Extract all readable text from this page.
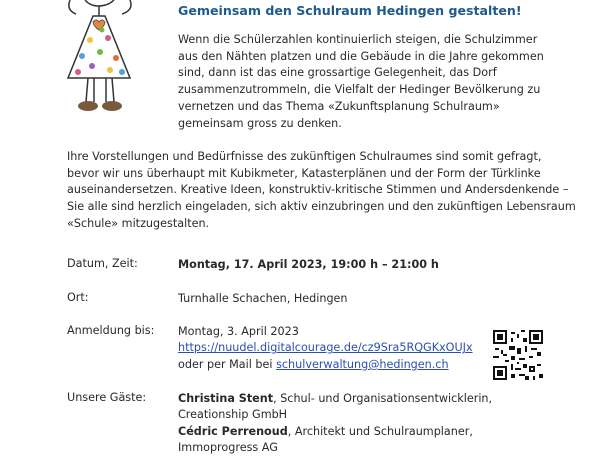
Gemeinsam den Schulraum Hedingen gestalten!

Wenn die Schülerzahlen kontinuierlich steigen, die Schulzimmer aus den Nähten platzen und die Gebäude in die Jahre gekommen sind, dann ist das eine grossartige Gelegenheit, das Dorf zusammenzutrommeln, die Vielfalt der Hedinger Bevölkerung zu vernetzen und das Thema «Zukunftsplanung Schulraum» gemeinsam gross zu denken.

Ihre Vorstellungen und Bedürfnisse des zukünftigen Schulraumes sind somit gefragt, bevor wir uns überhaupt mit Kubikmeter, Katasterplänen und der Form der Türklinke auseinandersetzen. Kreative Ideen, konstruktiv-kritische Stimmen und Andersdenkende – Sie alle sind herzlich eingeladen, sich aktiv einzubringen und den zukünftigen Lebensraum «Schule» mitzugestalten.

Datum, Zeit:	Montag, 17. April 2023, 19:00 h – 21:00 h
Ort:	Turnhalle Schachen, Hedingen
Anmeldung bis: Montag, 3. April 2023
https://nuudel.digitalcourage.de/cz9Sra5RQGKxOUJx
oder per Mail bei schulverwaltung@hedingen.ch
Unsere Gäste:	Christina Stent, Schul- und Organisationsentwicklerin,
Creationship GmbH
Cédric Perrenoud, Architekt und Schulraumplaner,
Immoprogress AG
